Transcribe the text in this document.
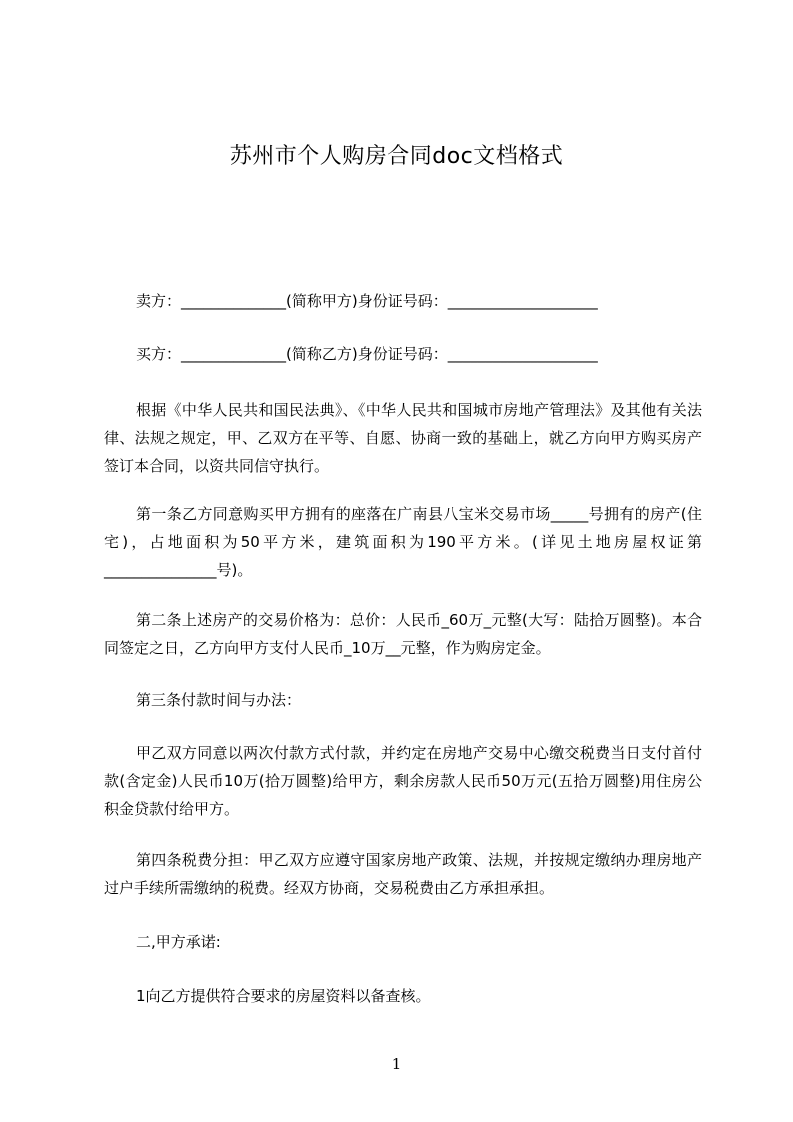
苏州市个人购房合同doc文档格式

卖方：______________(简称甲方)身份证号码：____________________

买方：______________(简称乙方)身份证号码：____________________

根据《中华人民共和国民法典》、《中华人民共和国城市房地产管理法》及其他有关法律、法规之规定，甲、乙双方在平等、自愿、协商一致的基础上，就乙方向甲方购买房产签订本合同，以资共同信守执行。

第一条乙方同意购买甲方拥有的座落在广南县八宝米交易市场_____号拥有的房产(住宅)，占地面积为50平方米，建筑面积为190平方米。(详见土地房屋权证第_______________号)。

第二条上述房产的交易价格为：总价：人民币_60万_元整(大写：陆拾万圆整)。本合同签定之日，乙方向甲方支付人民币_10万__元整，作为购房定金。

第三条付款时间与办法：

甲乙双方同意以两次付款方式付款，并约定在房地产交易中心缴交税费当日支付首付款(含定金)人民币10万(拾万圆整)给甲方，剩余房款人民币50万元(五拾万圆整)用住房公积金贷款付给甲方。

第四条税费分担：甲乙双方应遵守国家房地产政策、法规，并按规定缴纳办理房地产过户手续所需缴纳的税费。经双方协商，交易税费由乙方承担承担。

二,甲方承诺:

1向乙方提供符合要求的房屋资料以备查核。

1
